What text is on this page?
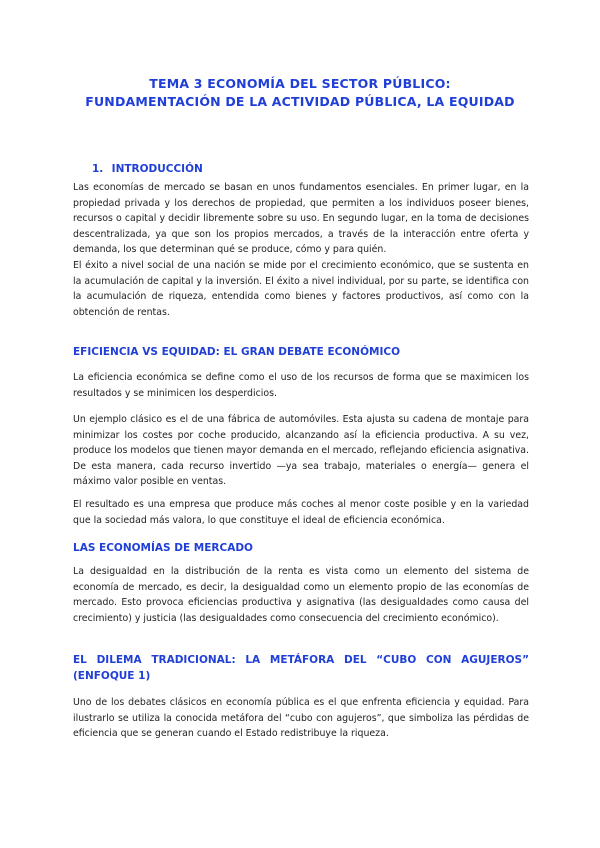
TEMA 3 ECONOMÍA DEL SECTOR PÚBLICO:
FUNDAMENTACIÓN DE LA ACTIVIDAD PÚBLICA, LA EQUIDAD
1. INTRODUCCIÓN

Las economías de mercado se basan en unos fundamentos esenciales. En primer lugar, en la propiedad privada y los derechos de propiedad, que permiten a los individuos poseer bienes, recursos o capital y decidir libremente sobre su uso. En segundo lugar, en la toma de decisiones descentralizada, ya que son los propios mercados, a través de la interacción entre oferta y demanda, los que determinan qué se produce, cómo y para quién.

El éxito a nivel social de una nación se mide por el crecimiento económico, que se sustenta en la acumulación de capital y la inversión. El éxito a nivel individual, por su parte, se identifica con la acumulación de riqueza, entendida como bienes y factores productivos, así como con la obtención de rentas.

EFICIENCIA VS EQUIDAD: EL GRAN DEBATE ECONÓMICO

La eficiencia económica se define como el uso de los recursos de forma que se maximicen los resultados y se minimicen los desperdicios.

Un ejemplo clásico es el de una fábrica de automóviles. Esta ajusta su cadena de montaje para minimizar los costes por coche producido, alcanzando así la eficiencia productiva. A su vez, produce los modelos que tienen mayor demanda en el mercado, reflejando eficiencia asignativa. De esta manera, cada recurso invertido —ya sea trabajo, materiales o energía— genera el máximo valor posible en ventas.

El resultado es una empresa que produce más coches al menor coste posible y en la variedad que la sociedad más valora, lo que constituye el ideal de eficiencia económica.

LAS ECONOMÍAS DE MERCADO

La desigualdad en la distribución de la renta es vista como un elemento del sistema de economía de mercado, es decir, la desigualdad como un elemento propio de las economías de mercado. Esto provoca eficiencias productiva y asignativa (las desigualdades como causa del crecimiento) y justicia (las desigualdades como consecuencia del crecimiento económico).

EL DILEMA TRADICIONAL: LA METÁFORA DEL “CUBO CON AGUJEROS” (ENFOQUE 1)

Uno de los debates clásicos en economía pública es el que enfrenta eficiencia y equidad. Para ilustrarlo se utiliza la conocida metáfora del “cubo con agujeros”, que simboliza las pérdidas de eficiencia que se generan cuando el Estado redistribuye la riqueza.
